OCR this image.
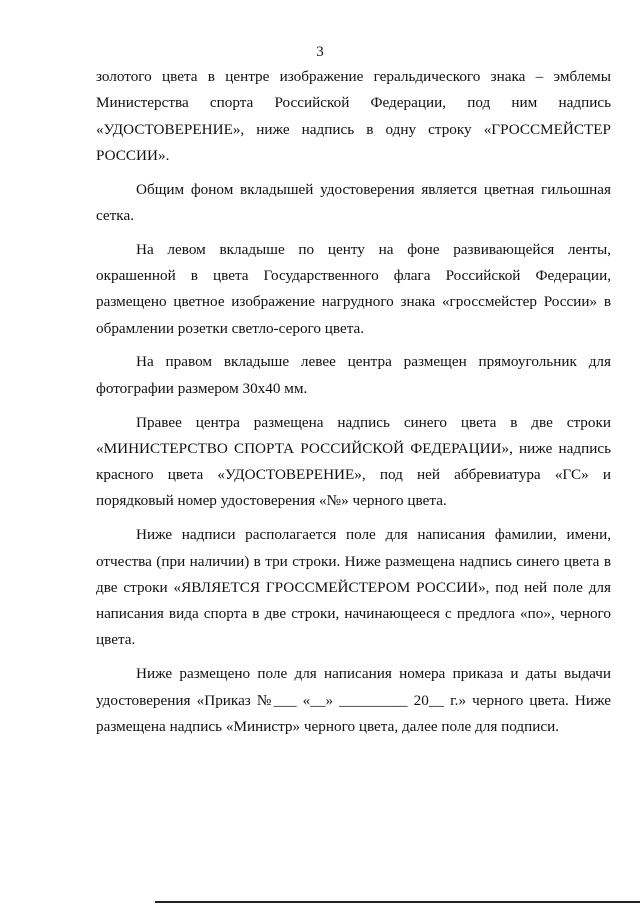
3

золотого цвета в центре изображение геральдического знака – эмблемы Министерства спорта Российской Федерации, под ним надпись «УДОСТОВЕРЕНИЕ», ниже надпись в одну строку «ГРОССМЕЙСТЕР РОССИИ».

Общим фоном вкладышей удостоверения является цветная гильошная сетка.

На левом вкладыше по центу на фоне развивающейся ленты, окрашенной в цвета Государственного флага Российской Федерации, размещено цветное изображение нагрудного знака «гроссмейстер России» в обрамлении розетки светло-серого цвета.

На правом вкладыше левее центра размещен прямоугольник для фотографии размером 30х40 мм.

Правее центра размещена надпись синего цвета в две строки «МИНИСТЕРСТВО СПОРТА РОССИЙСКОЙ ФЕДЕРАЦИИ», ниже надпись красного цвета «УДОСТОВЕРЕНИЕ», под ней аббревиатура «ГС» и порядковый номер удостоверения «№» черного цвета.

Ниже надписи располагается поле для написания фамилии, имени, отчества (при наличии) в три строки. Ниже размещена надпись синего цвета в две строки «ЯВЛЯЕТСЯ ГРОССМЕЙСТЕРОМ РОССИИ», под ней поле для написания вида спорта в две строки, начинающееся с предлога «по», черного цвета.

Ниже размещено поле для написания номера приказа и даты выдачи удостоверения «Приказ №___ «__» _________ 20__ г.» черного цвета. Ниже размещена надпись «Министр» черного цвета, далее поле для подписи.
